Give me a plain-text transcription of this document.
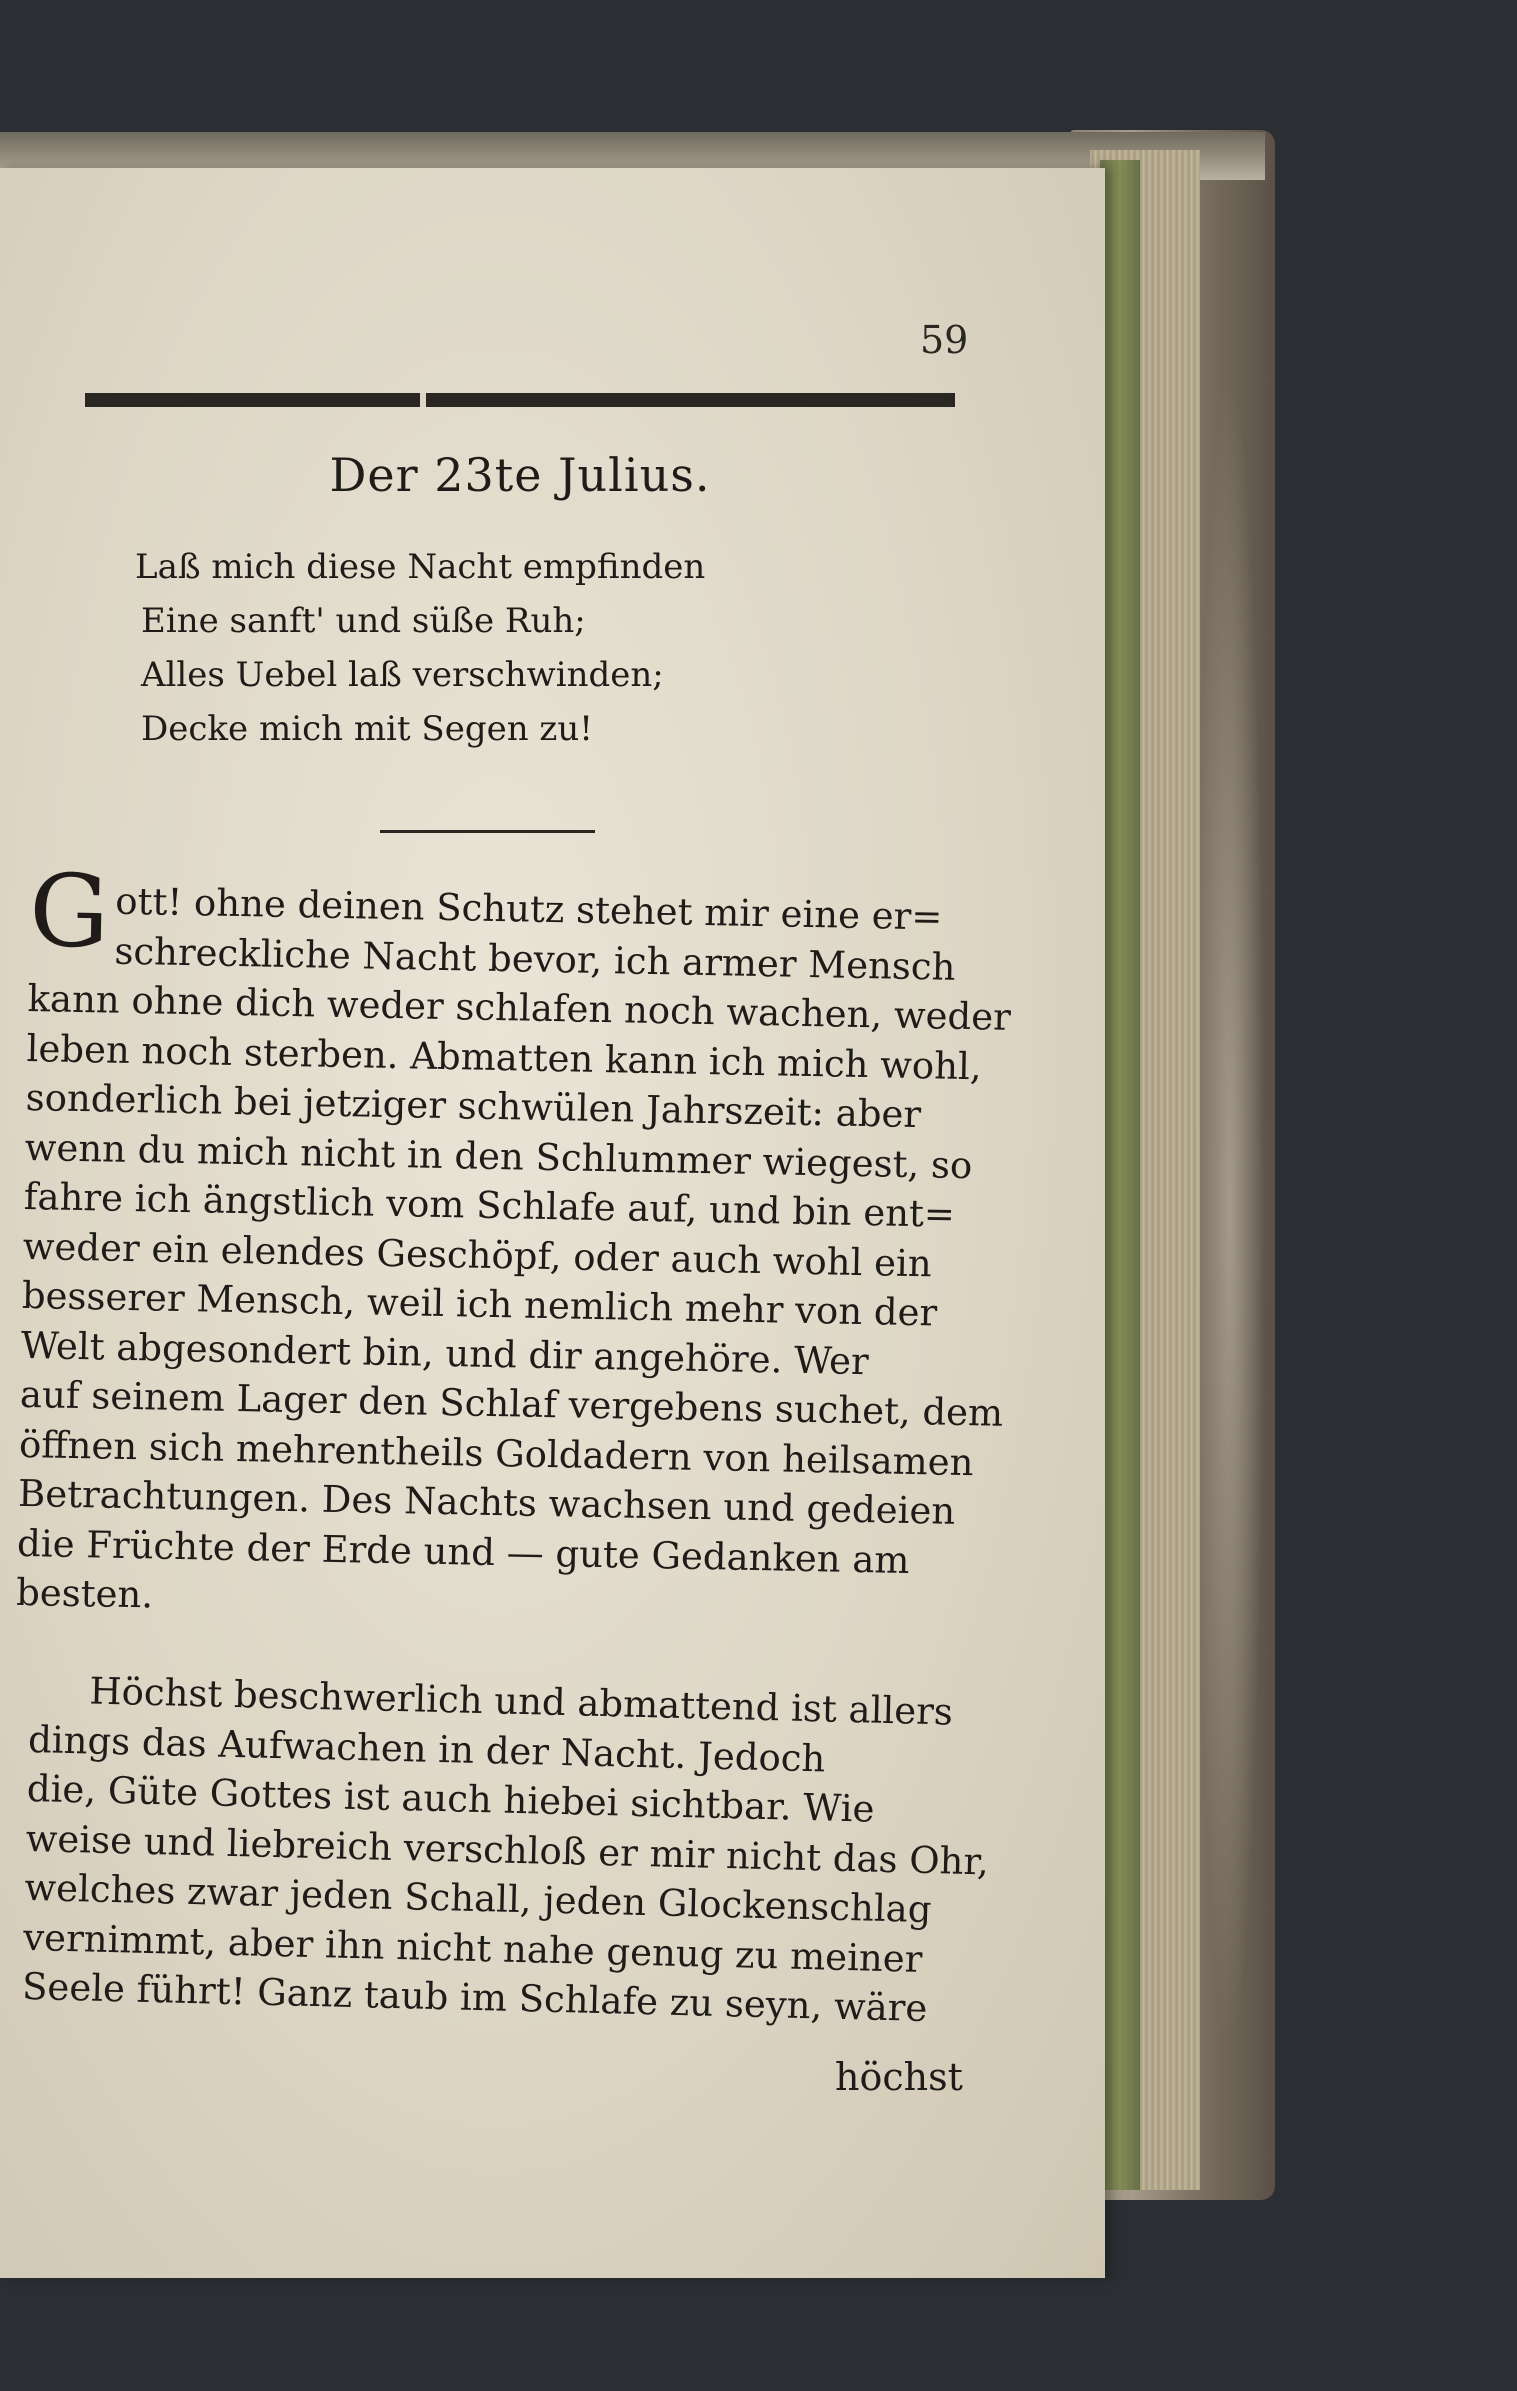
59
Der 23te Julius.
Laß mich diese Nacht empfinden
Eine sanft' und süße Ruh;
Alles Uebel laß verschwinden;
Decke mich mit Segen zu!
G ott! ohne deinen Schutz stehet mir eine er=
schreckliche Nacht bevor, ich armer Mensch
kann ohne dich weder schlafen noch wachen, weder
leben noch sterben. Abmatten kann ich mich wohl,
sonderlich bei jetziger schwülen Jahrszeit: aber
wenn du mich nicht in den Schlummer wiegest, so
fahre ich ängstlich vom Schlafe auf, und bin ent=
weder ein elendes Geschöpf, oder auch wohl ein
besserer Mensch, weil ich nemlich mehr von der
Welt abgesondert bin, und dir angehöre. Wer
auf seinem Lager den Schlaf vergebens suchet, dem
öffnen sich mehrentheils Goldadern von heilsamen
Betrachtungen. Des Nachts wachsen und gedeien
die Früchte der Erde und — gute Gedanken am
besten.
Höchst beschwerlich und abmattend ist allers
dings das Aufwachen in der Nacht. Jedoch
die, Güte Gottes ist auch hiebei sichtbar. Wie
weise und liebreich verschloß er mir nicht das Ohr,
welches zwar jeden Schall, jeden Glockenschlag
vernimmt, aber ihn nicht nahe genug zu meiner
Seele führt! Ganz taub im Schlafe zu seyn, wäre
höchst
